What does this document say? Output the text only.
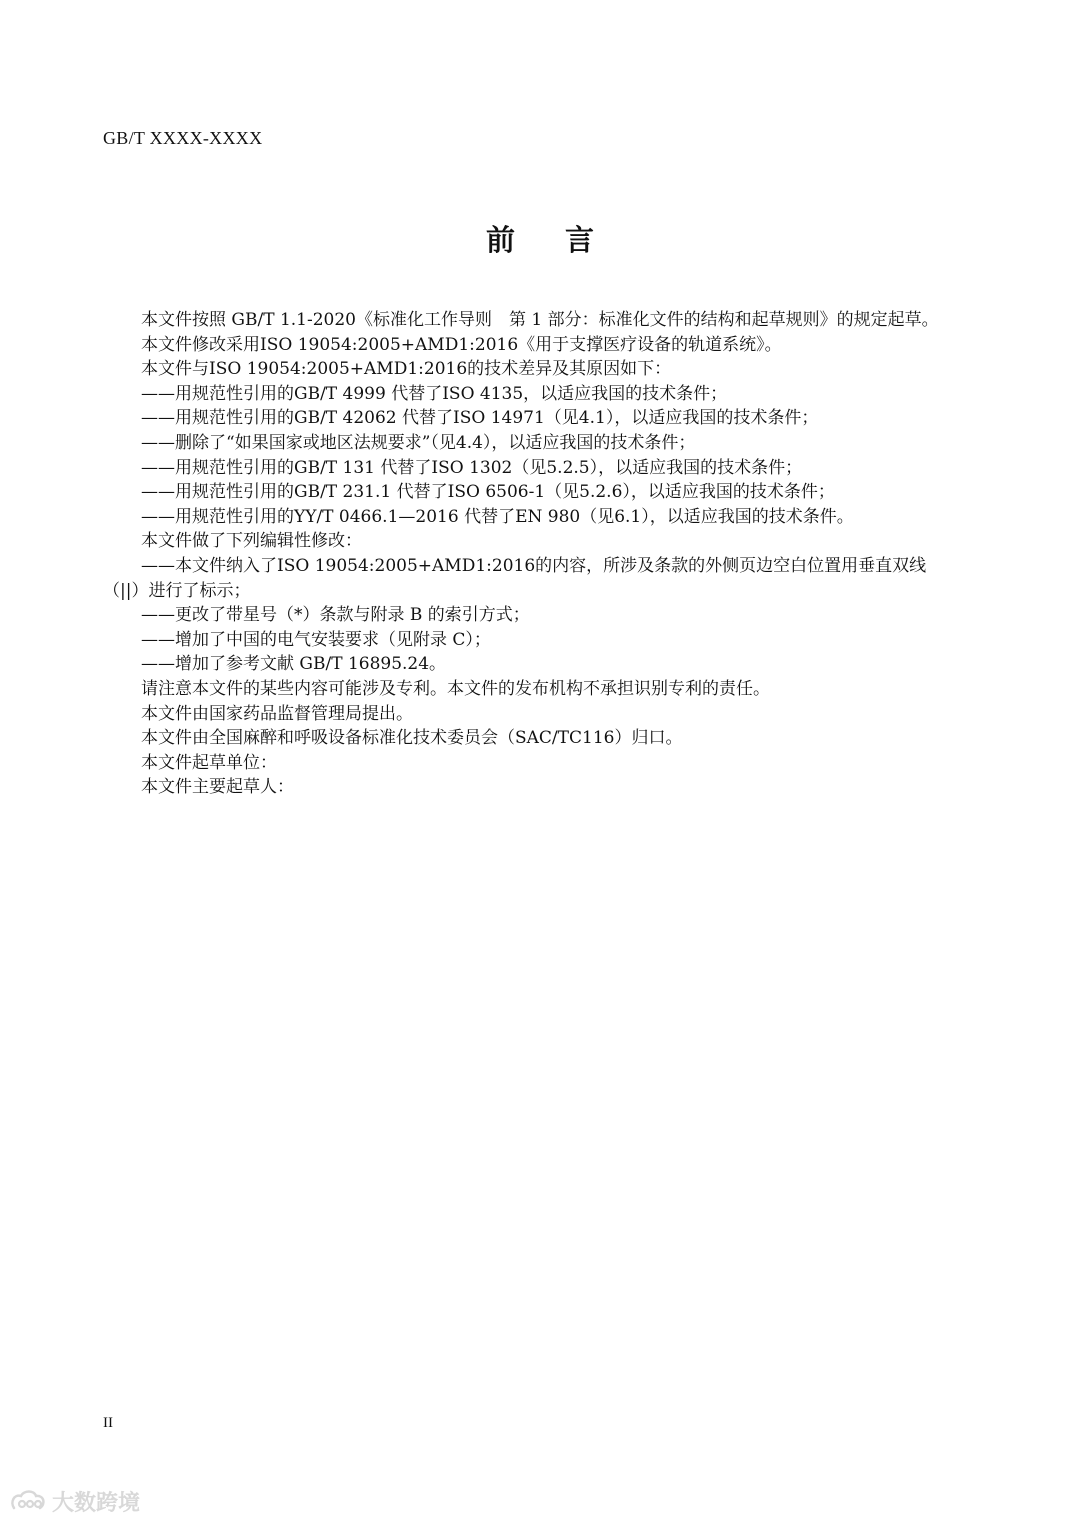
GB/T XXXX-XXXX
前 言

本文件按照 GB/T 1.1-2020《标准化工作导则　第 1 部分：标准化文件的结构和起草规则》的规定起草。

本文件修改采用ISO 19054:2005+AMD1:2016《用于支撑医疗设备的轨道系统》。

本文件与ISO 19054:2005+AMD1:2016的技术差异及其原因如下：

——用规范性引用的GB/T 4999 代替了ISO 4135，以适应我国的技术条件；

——用规范性引用的GB/T 42062 代替了ISO 14971（见4.1），以适应我国的技术条件；

——删除了“如果国家或地区法规要求”（见4.4），以适应我国的技术条件；

——用规范性引用的GB/T 131 代替了ISO 1302（见5.2.5），以适应我国的技术条件；

——用规范性引用的GB/T 231.1 代替了ISO 6506-1（见5.2.6），以适应我国的技术条件；

——用规范性引用的YY/T 0466.1—2016 代替了EN 980（见6.1），以适应我国的技术条件。

本文件做了下列编辑性修改：

——本文件纳入了ISO 19054:2005+AMD1:2016的内容，所涉及条款的外侧页边空白位置用垂直双线（||）进行了标示；

——更改了带星号（*）条款与附录 B 的索引方式；

——增加了中国的电气安装要求（见附录 C）；

——增加了参考文献 GB/T 16895.24。

请注意本文件的某些内容可能涉及专利。本文件的发布机构不承担识别专利的责任。

本文件由国家药品监督管理局提出。

本文件由全国麻醉和呼吸设备标准化技术委员会（SAC/TC116）归口。

本文件起草单位：

本文件主要起草人：

II
大数跨境
